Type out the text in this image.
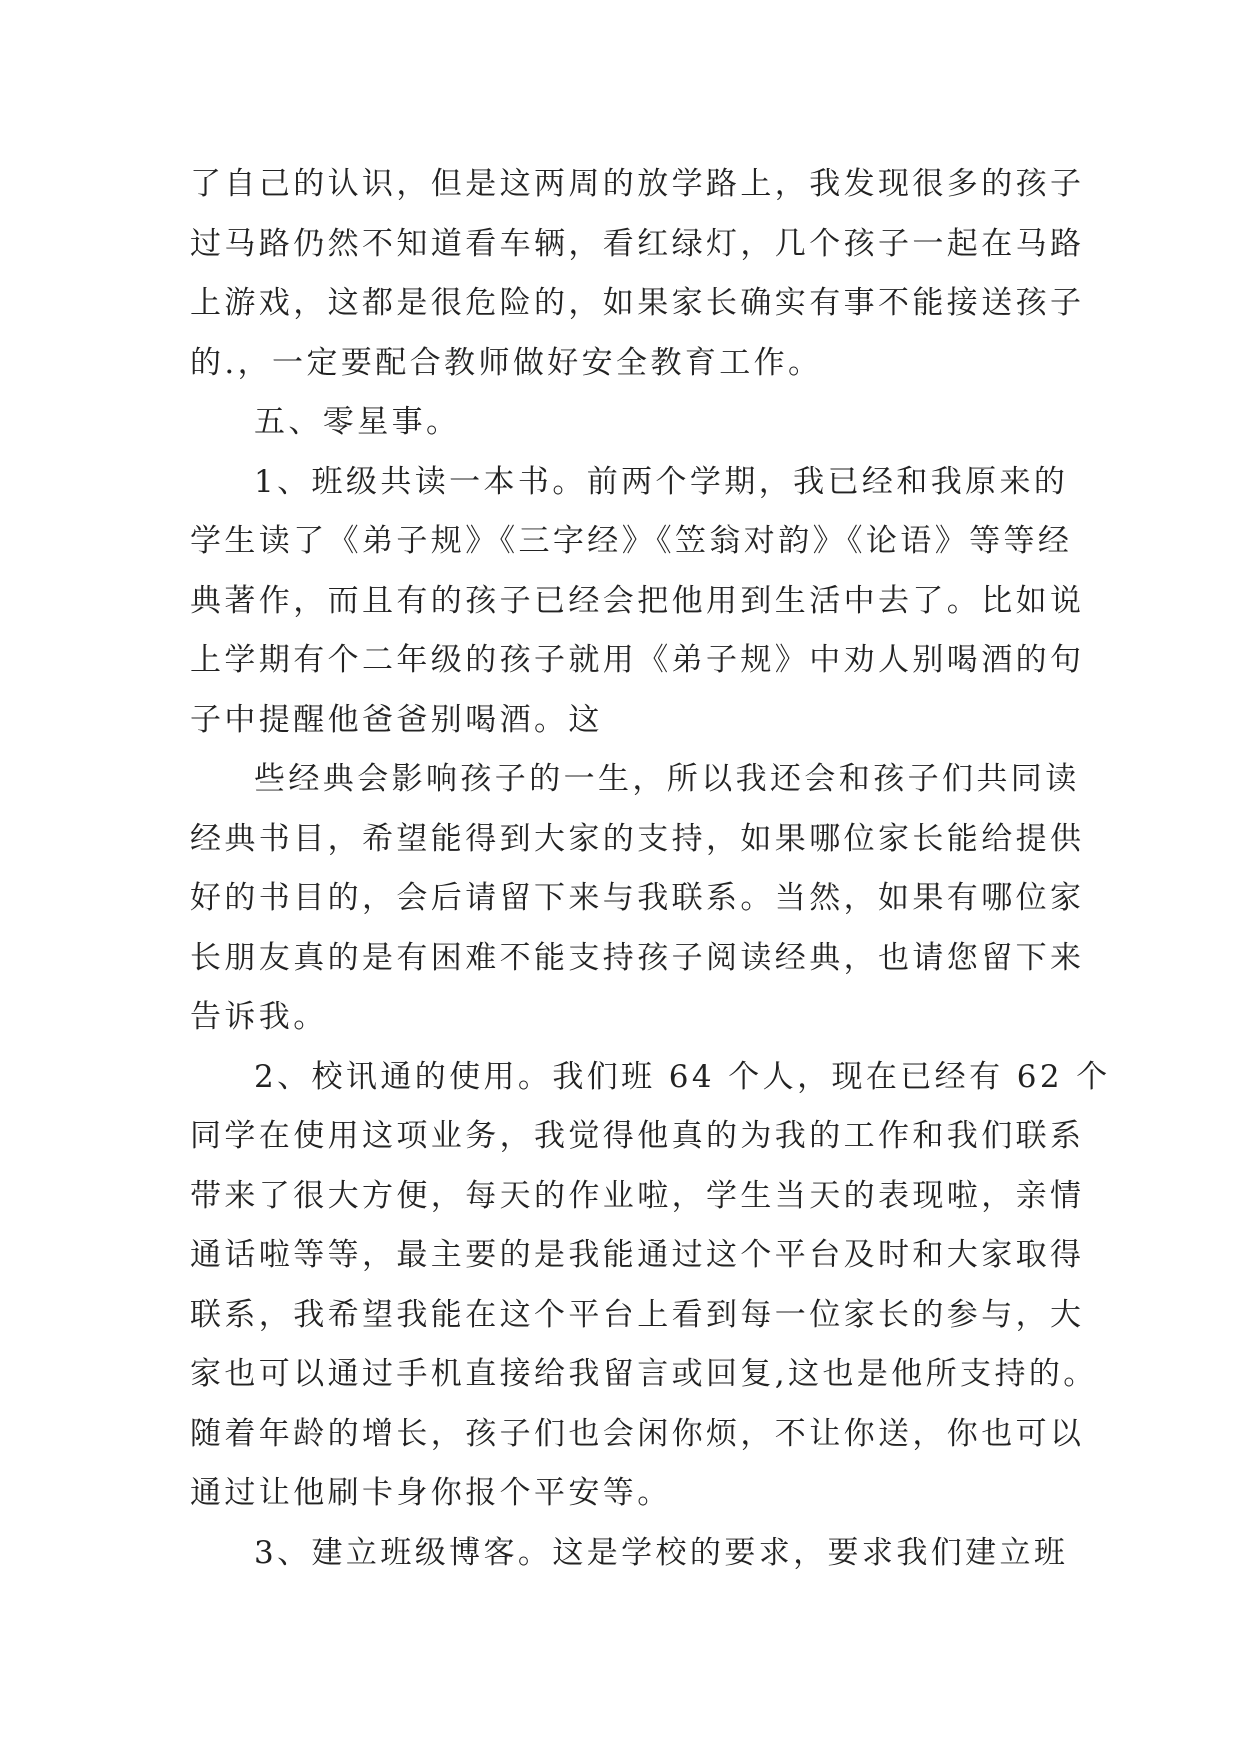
了自己的认识，但是这两周的放学路上，我发现很多的孩子
过马路仍然不知道看车辆，看红绿灯，几个孩子一起在马路
上游戏，这都是很危险的，如果家长确实有事不能接送孩子
的.，一定要配合教师做好安全教育工作。
五、零星事。
1、班级共读一本书。前两个学期，我已经和我原来的
学生读了《弟子规》《三字经》《笠翁对韵》《论语》等等经
典著作，而且有的孩子已经会把他用到生活中去了。比如说
上学期有个二年级的孩子就用《弟子规》中劝人别喝酒的句
子中提醒他爸爸别喝酒。这
些经典会影响孩子的一生，所以我还会和孩子们共同读
经典书目，希望能得到大家的支持，如果哪位家长能给提供
好的书目的，会后请留下来与我联系。当然，如果有哪位家
长朋友真的是有困难不能支持孩子阅读经典，也请您留下来
告诉我。
2、校讯通的使用。我们班 64 个人，现在已经有 62 个
同学在使用这项业务，我觉得他真的为我的工作和我们联系
带来了很大方便，每天的作业啦，学生当天的表现啦，亲情
通话啦等等，最主要的是我能通过这个平台及时和大家取得
联系，我希望我能在这个平台上看到每一位家长的参与，大
家也可以通过手机直接给我留言或回复,这也是他所支持的。
随着年龄的增长，孩子们也会闲你烦，不让你送，你也可以
通过让他刷卡身你报个平安等。
3、建立班级博客。这是学校的要求，要求我们建立班
